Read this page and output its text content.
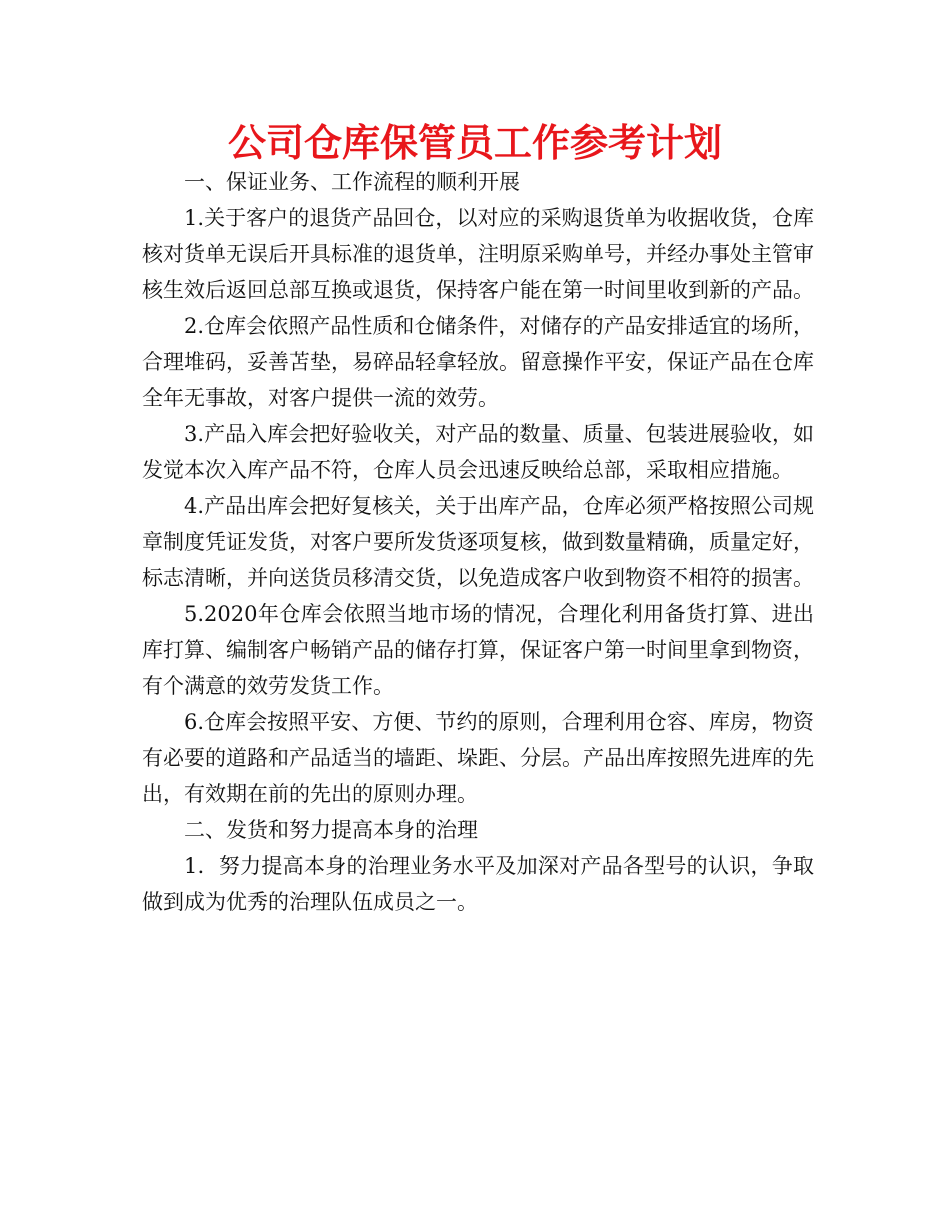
公司仓库保管员工作参考计划

一、保证业务、工作流程的顺利开展

1.关于客户的退货产品回仓，以对应的采购退货单为收据收货，仓库核对货单无误后开具标准的退货单，注明原采购单号，并经办事处主管审核生效后返回总部互换或退货，保持客户能在第一时间里收到新的产品。

2.仓库会依照产品性质和仓储条件，对储存的产品安排适宜的场所，合理堆码，妥善苫垫，易碎品轻拿轻放。留意操作平安，保证产品在仓库全年无事故，对客户提供一流的效劳。

3.产品入库会把好验收关，对产品的数量、质量、包装进展验收，如发觉本次入库产品不符，仓库人员会迅速反映给总部，采取相应措施。

4.产品出库会把好复核关，关于出库产品，仓库必须严格按照公司规章制度凭证发货，对客户要所发货逐项复核，做到数量精确，质量定好，标志清晰，并向送货员移清交货，以免造成客户收到物资不相符的损害。

5.2020年仓库会依照当地市场的情况，合理化利用备货打算、进出库打算、编制客户畅销产品的储存打算，保证客户第一时间里拿到物资，有个满意的效劳发货工作。

6.仓库会按照平安、方便、节约的原则，合理利用仓容、库房，物资有必要的道路和产品适当的墙距、垛距、分层。产品出库按照先进库的先出，有效期在前的先出的原则办理。

二、发货和努力提高本身的治理

1．努力提高本身的治理业务水平及加深对产品各型号的认识，争取做到成为优秀的治理队伍成员之一。
